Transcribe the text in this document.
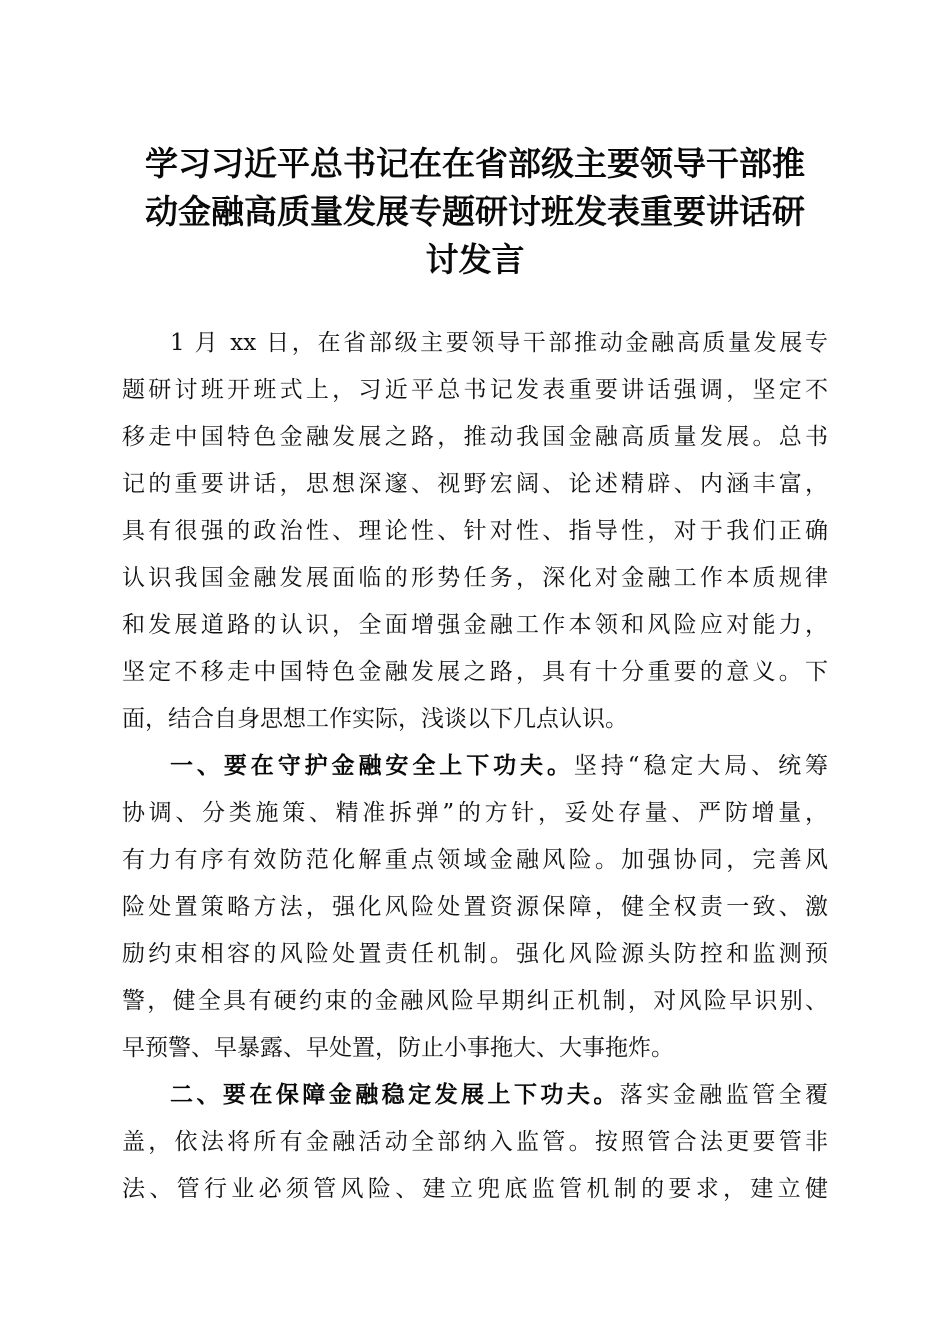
学习习近平总书记在在省部级主要领导干部推
动金融高质量发展专题研讨班发表重要讲话研
讨发言
1 月 xx 日，在省部级主要领导干部推动金融高质量发展专
题研讨班开班式上，习近平总书记发表重要讲话强调，坚定不
移走中国特色金融发展之路，推动我国金融高质量发展。总书
记的重要讲话，思想深邃、视野宏阔、论述精辟、内涵丰富，
具有很强的政治性、理论性、针对性、指导性，对于我们正确
认识我国金融发展面临的形势任务，深化对金融工作本质规律
和发展道路的认识，全面增强金融工作本领和风险应对能力，
坚定不移走中国特色金融发展之路，具有十分重要的意义。下
面，结合自身思想工作实际，浅谈以下几点认识。
一、要在守护金融安全上下功夫。坚持“稳定大局、统筹
协调、分类施策、精准拆弹”的方针，妥处存量、严防增量，
有力有序有效防范化解重点领域金融风险。加强协同，完善风
险处置策略方法，强化风险处置资源保障，健全权责一致、激
励约束相容的风险处置责任机制。强化风险源头防控和监测预
警，健全具有硬约束的金融风险早期纠正机制，对风险早识别、
早预警、早暴露、早处置，防止小事拖大、大事拖炸。
二、要在保障金融稳定发展上下功夫。落实金融监管全覆
盖，依法将所有金融活动全部纳入监管。按照管合法更要管非
法、管行业必须管风险、建立兜底监管机制的要求，建立健
